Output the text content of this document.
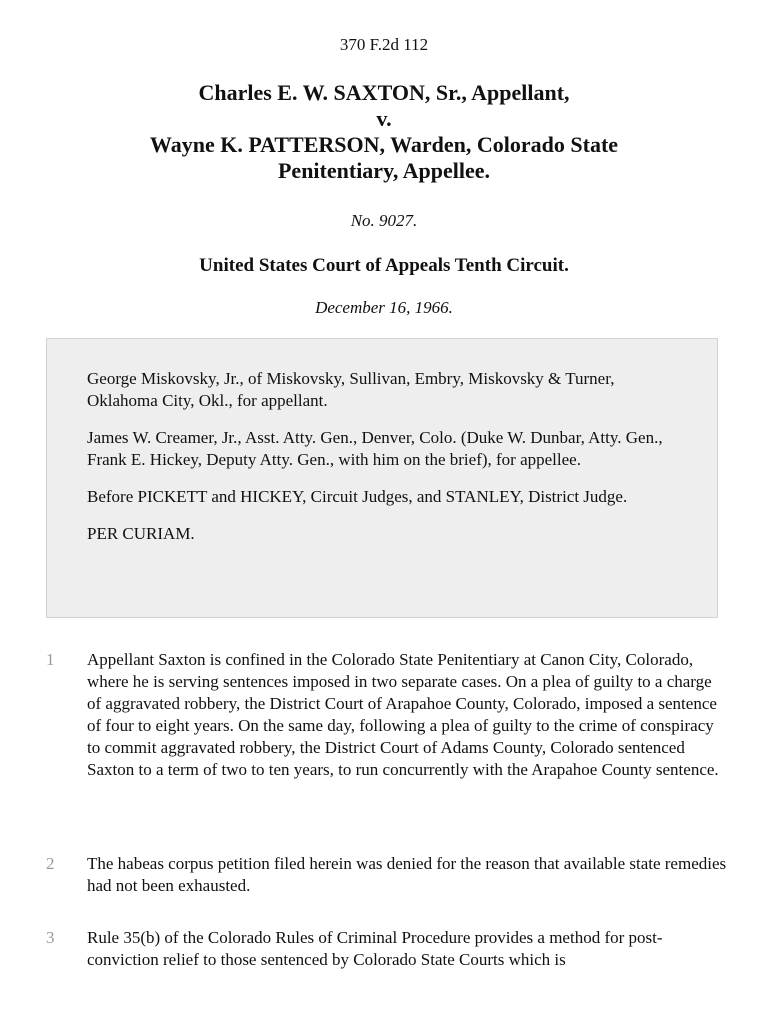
370 F.2d 112
Charles E. W. SAXTON, Sr., Appellant,
v.
Wayne K. PATTERSON, Warden, Colorado State
Penitentiary, Appellee.
No. 9027.
United States Court of Appeals Tenth Circuit.
December 16, 1966.

George Miskovsky, Jr., of Miskovsky, Sullivan, Embry, Miskovsky & Turner, Oklahoma City, Okl., for appellant.

James W. Creamer, Jr., Asst. Atty. Gen., Denver, Colo. (Duke W. Dunbar, Atty. Gen., Frank E. Hickey, Deputy Atty. Gen., with him on the brief), for appellee.

Before PICKETT and HICKEY, Circuit Judges, and STANLEY, District Judge.

PER CURIAM.

1 Appellant Saxton is confined in the Colorado State Penitentiary at Canon City, Colorado, where he is serving sentences imposed in two separate cases. On a plea of guilty to a charge of aggravated robbery, the District Court of Arapahoe County, Colorado, imposed a sentence of four to eight years. On the same day, following a plea of guilty to the crime of conspiracy to commit aggravated robbery, the District Court of Adams County, Colorado sentenced Saxton to a term of two to ten years, to run concurrently with the Arapahoe County sentence.
2 The habeas corpus petition filed herein was denied for the reason that available state remedies had not been exhausted.
3 Rule 35(b) of the Colorado Rules of Criminal Procedure provides a method for post-conviction relief to those sentenced by Colorado State Courts which is
